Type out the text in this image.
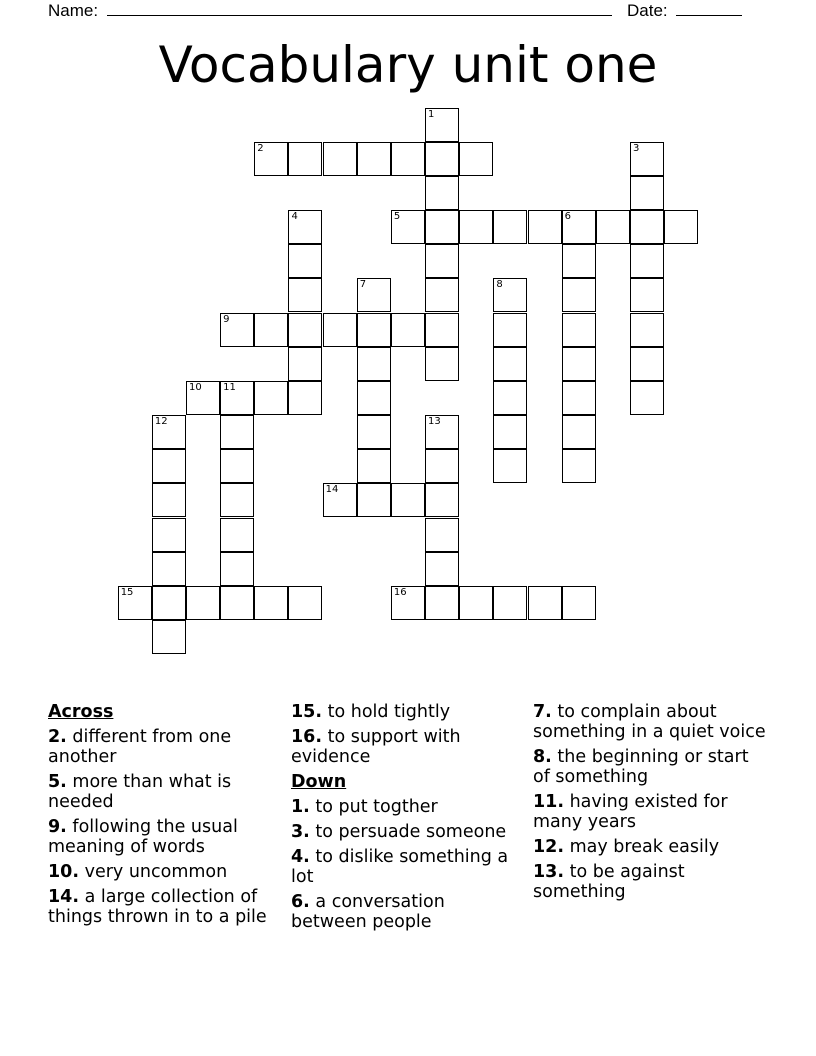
Name:	Date:
Vocabulary unit one
1
2	3
4	5	6
7	8
9
10 11
12	13
14
15	16
Across
2. different from one another
5. more than what is needed
9. following the usual meaning of words
10. very uncommon
14. a large collection of things thrown in to a pile
15. to hold tightly
16. to support with evidence
Down
1. to put togther
3. to persuade someone
4. to dislike something a lot
6. a conversation between people
7. to complain about something in a quiet voice
8. the beginning or start of something
11. having existed for many years
12. may break easily
13. to be against something
